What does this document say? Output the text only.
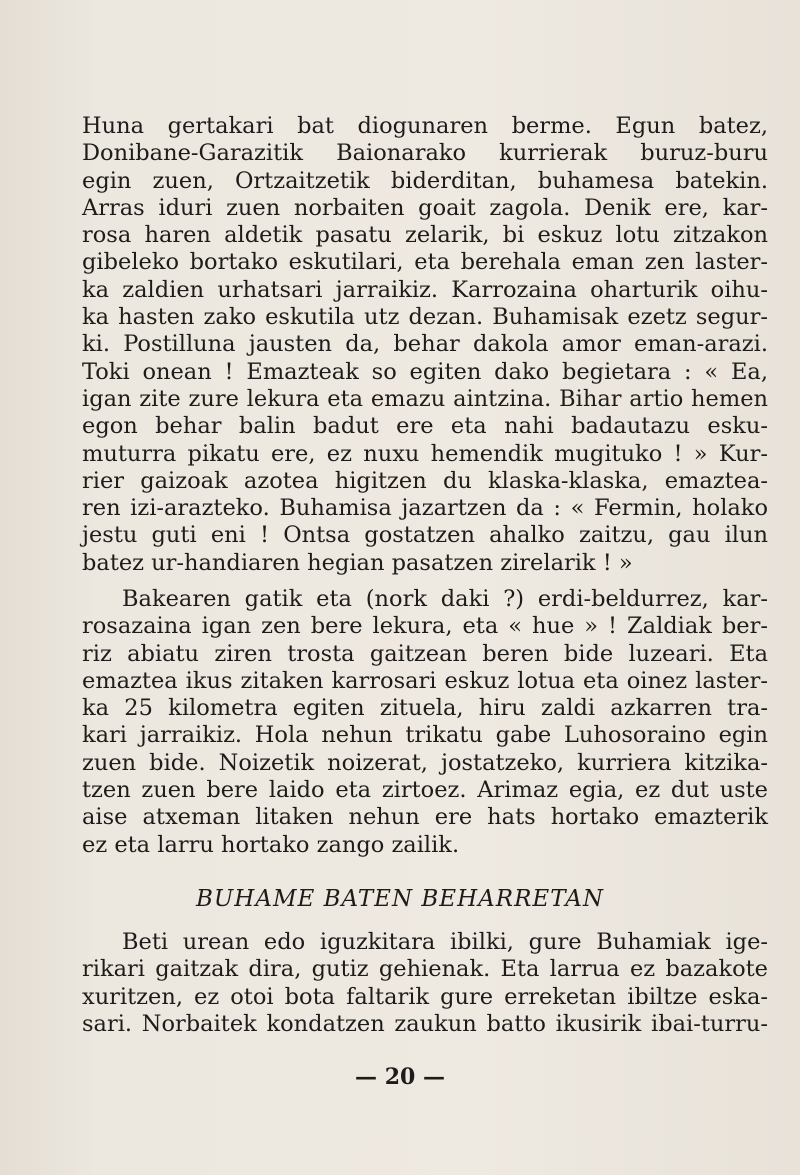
Huna gertakari bat diogunaren berme. Egun batez,
Donibane-Garazitik Baionarako kurrierak buruz-buru
egin zuen, Ortzaitzetik biderditan, buhamesa batekin.
Arras iduri zuen norbaiten goait zagola. Denik ere, kar-
rosa haren aldetik pasatu zelarik, bi eskuz lotu zitzakon
gibeleko bortako eskutilari, eta berehala eman zen laster-
ka zaldien urhatsari jarraikiz. Karrozaina oharturik oihu-
ka hasten zako eskutila utz dezan. Buhamisak ezetz segur-
ki. Postilluna jausten da, behar dakola amor eman-arazi.
Toki onean ! Emazteak so egiten dako begietara : « Ea,
igan zite zure lekura eta emazu aintzina. Bihar artio hemen
egon behar balin badut ere eta nahi badautazu esku-
muturra pikatu ere, ez nuxu hemendik mugituko ! » Kur-
rier gaizoak azotea higitzen du klaska-klaska, emaztea-
ren izi-arazteko. Buhamisa jazartzen da : « Fermin, holako
jestu guti eni ! Ontsa gostatzen ahalko zaitzu, gau ilun
batez ur-handiaren hegian pasatzen zirelarik ! »
Bakearen gatik eta (nork daki ?) erdi-beldurrez, kar-
rosazaina igan zen bere lekura, eta « hue » ! Zaldiak ber-
riz abiatu ziren trosta gaitzean beren bide luzeari. Eta
emaztea ikus zitaken karrosari eskuz lotua eta oinez laster-
ka 25 kilometra egiten zituela, hiru zaldi azkarren tra-
kari jarraikiz. Hola nehun trikatu gabe Luhosoraino egin
zuen bide. Noizetik noizerat, jostatzeko, kurriera kitzika-
tzen zuen bere laido eta zirtoez. Arimaz egia, ez dut uste
aise atxeman litaken nehun ere hats hortako emazterik
ez eta larru hortako zango zailik.
BUHAME BATEN BEHARRETAN
Beti urean edo iguzkitara ibilki, gure Buhamiak ige-
rikari gaitzak dira, gutiz gehienak. Eta larrua ez bazakote
xuritzen, ez otoi bota faltarik gure erreketan ibiltze eska-
sari. Norbaitek kondatzen zaukun batto ikusirik ibai-turru-
— 20 —
